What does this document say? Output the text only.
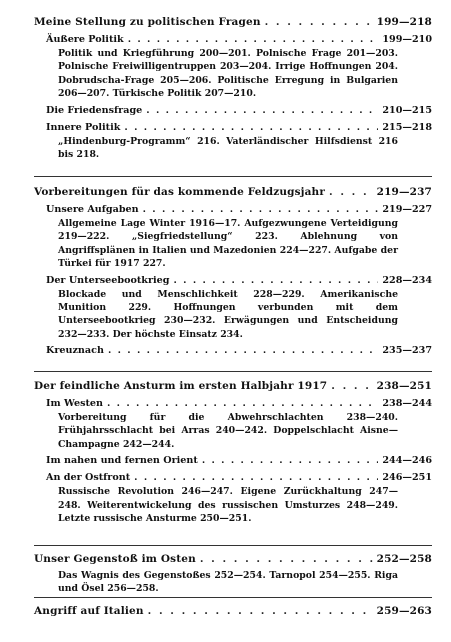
Meine Stellung zu politischen Fragen . . .	199—218
Äußere Politik . . .	199—210
Politik und Kriegführung 200—201. Polnische Frage 201—203. Polnische Freiwilligentruppen 203—204. Irrige Hoffnungen 204. Dobrudscha-Frage 205—206. Politische Erregung in Bulgarien 206—207. Türkische Politik 207—210.
Die Friedensfrage . . .	210—215
Innere Politik . . .	215—218
„Hindenburg-Programm“ 216. Vaterländischer Hilfsdienst 216 bis 218.
Vorbereitungen für das kommende Feldzugsjahr . . .	219—237
Unsere Aufgaben . . .	219—227
Allgemeine Lage Winter 1916—17. Aufgezwungene Verteidigung 219—222. „Siegfriedstellung“ 223. Ablehnung von Angriffsplänen in Italien und Mazedonien 224—227. Aufgabe der Türkei für 1917 227.
Der Unterseebootkrieg . . .	228—234
Blockade und Menschlichkeit 228—229. Amerikanische Munition 229. Hoffnungen verbunden mit dem Unterseebootkrieg 230—232. Erwägungen und Entscheidung 232—233. Der höchste Einsatz 234.
Kreuznach . . .	235—237
Der feindliche Ansturm im ersten Halbjahr 1917 . . .	238—251
Im Westen . . .	238—244
Vorbereitung für die Abwehrschlachten 238—240. Frühjahrsschlacht bei Arras 240—242. Doppelschlacht Aisne—Champagne 242—244.
Im nahen und fernen Orient . . .	244—246
An der Ostfront . . .	246—251
Russische Revolution 246—247. Eigene Zurückhaltung 247—248. Weiterentwickelung des russischen Umsturzes 248—249. Letzte russische Ansturme 250—251.
Unser Gegenstoß im Osten . . .	252—258
Das Wagnis des Gegenstoßes 252—254. Tarnopol 254—255. Riga und Ösel 256—258.
Angriff auf Italien . . .	259—263
